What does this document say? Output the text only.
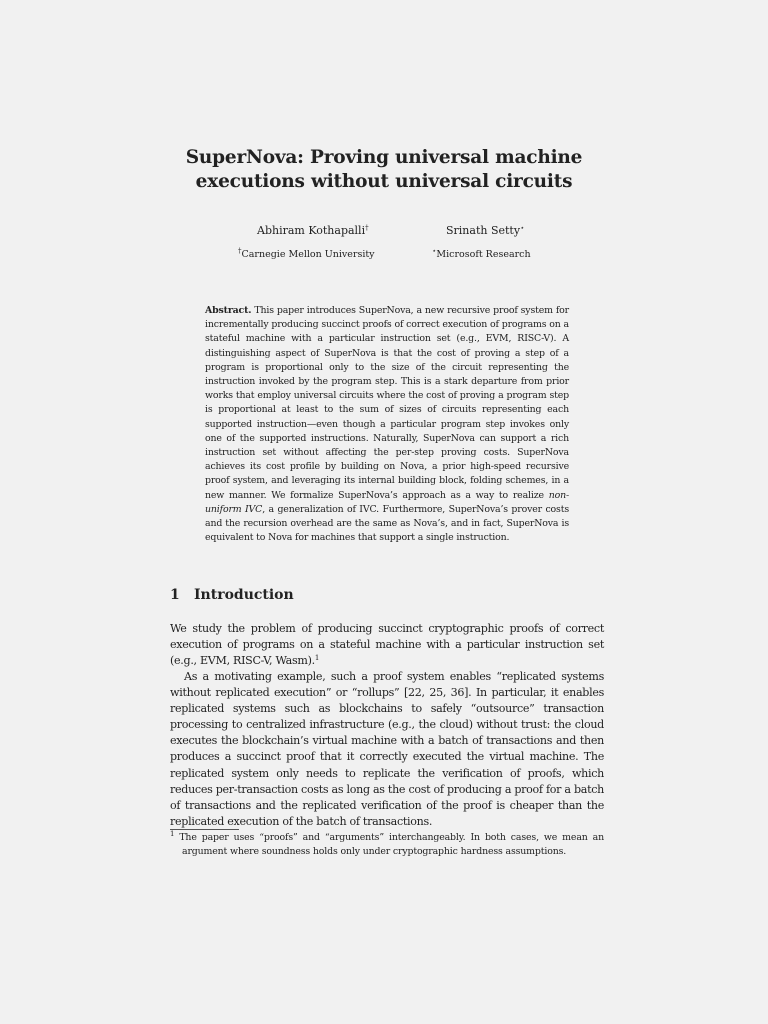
SuperNova: Proving universal machine
executions without universal circuits
Abhiram Kothapalli†	Srinath Setty⋆
†Carnegie Mellon University	⋆Microsoft Research

Abstract. This paper introduces SuperNova, a new recursive proof system for incrementally producing succinct proofs of correct execution of programs on a stateful machine with a particular instruction set (e.g., EVM, RISC-V). A distinguishing aspect of SuperNova is that the cost of proving a step of a program is proportional only to the size of the circuit representing the instruction invoked by the program step. This is a stark departure from prior works that employ universal circuits where the cost of proving a program step is proportional at least to the sum of sizes of circuits representing each supported instruction—even though a particular program step invokes only one of the supported instructions. Naturally, SuperNova can support a rich instruction set without affecting the per-step proving costs. SuperNova achieves its cost profile by building on Nova, a prior high-speed recursive proof system, and leveraging its internal building block, folding schemes, in a new manner. We formalize SuperNova’s approach as a way to realize non-uniform IVC, a generalization of IVC. Furthermore, SuperNova’s prover costs and the recursion overhead are the same as Nova’s, and in fact, SuperNova is equivalent to Nova for machines that support a single instruction.

1 Introduction

We study the problem of producing succinct cryptographic proofs of correct execution of programs on a stateful machine with a particular instruction set (e.g., EVM, RISC-V, Wasm).$^1$

As a motivating example, such a proof system enables “replicated systems without replicated execution” or “rollups” [22, 25, 36]. In particular, it enables replicated systems such as blockchains to safely “outsource” transaction processing to centralized infrastructure (e.g., the cloud) without trust: the cloud executes the blockchain’s virtual machine with a batch of transactions and then produces a succinct proof that it correctly executed the virtual machine. The replicated system only needs to replicate the verification of proofs, which reduces per-transaction costs as long as the cost of producing a proof for a batch of transactions and the replicated verification of the proof is cheaper than the replicated execution of the batch of transactions.

$^1$ The paper uses “proofs” and “arguments” interchangeably. In both cases, we mean an argument where soundness holds only under cryptographic hardness assumptions.
